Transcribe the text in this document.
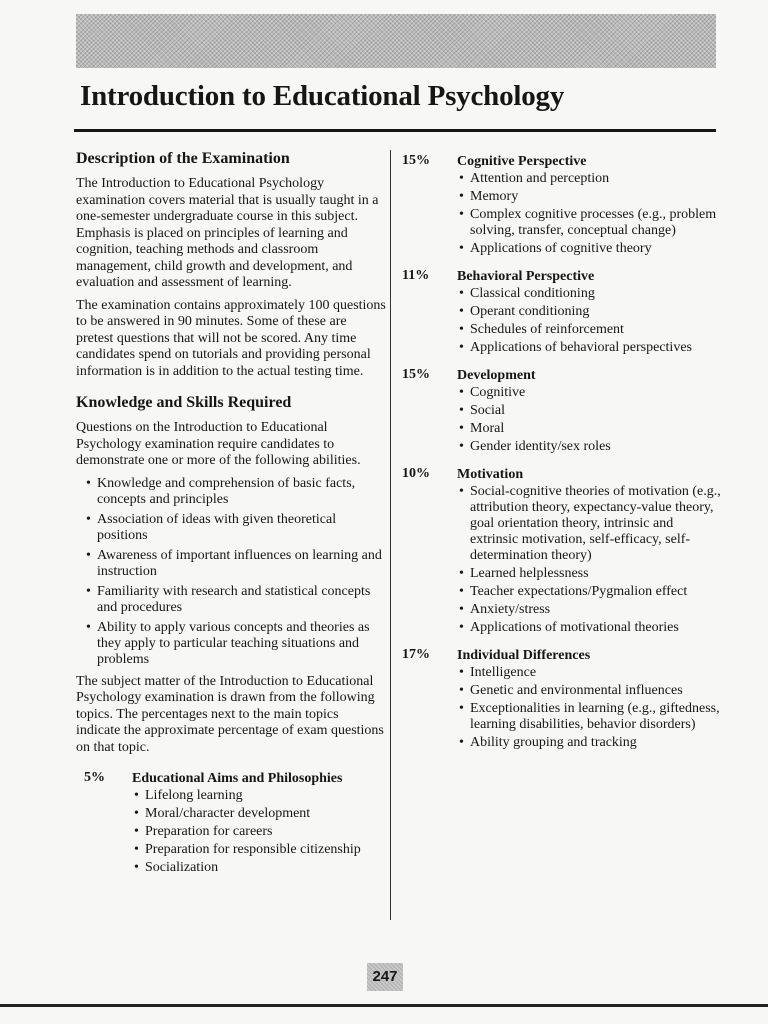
Introduction to Educational Psychology
Description of the Examination

The Introduction to Educational Psychology examination covers material that is usually taught in a one-semester undergraduate course in this subject. Emphasis is placed on principles of learning and cognition, teaching methods and classroom management, child growth and development, and evaluation and assessment of learning.

The examination contains approximately 100 questions to be answered in 90 minutes. Some of these are pretest questions that will not be scored. Any time candidates spend on tutorials and providing personal information is in addition to the actual testing time.

Knowledge and Skills Required

Questions on the Introduction to Educational Psychology examination require candidates to demonstrate one or more of the following abilities.

• Knowledge and comprehension of basic facts, concepts and principles
• Association of ideas with given theoretical positions
• Awareness of important influences on learning and instruction
• Familiarity with research and statistical concepts and procedures
• Ability to apply various concepts and theories as they apply to particular teaching situations and problems

The subject matter of the Introduction to Educational Psychology examination is drawn from the following topics. The percentages next to the main topics indicate the approximate percentage of exam questions on that topic.

5% Educational Aims and Philosophies
• Lifelong learning
• Moral/character development
• Preparation for careers
• Preparation for responsible citizenship
• Socialization
15% Cognitive Perspective
• Attention and perception
• Memory
• Complex cognitive processes (e.g., problem solving, transfer, conceptual change)
• Applications of cognitive theory
11% Behavioral Perspective
• Classical conditioning
• Operant conditioning
• Schedules of reinforcement
• Applications of behavioral perspectives
15% Development
• Cognitive
• Social
• Moral
• Gender identity/sex roles
10% Motivation
• Social-cognitive theories of motivation (e.g., attribution theory, expectancy-value theory, goal orientation theory, intrinsic and extrinsic motivation, self-efficacy, self-determination theory)
• Learned helplessness
• Teacher expectations/Pygmalion effect
• Anxiety/stress
• Applications of motivational theories
17% Individual Differences
• Intelligence
• Genetic and environmental influences
• Exceptionalities in learning (e.g., giftedness, learning disabilities, behavior disorders)
• Ability grouping and tracking
247
